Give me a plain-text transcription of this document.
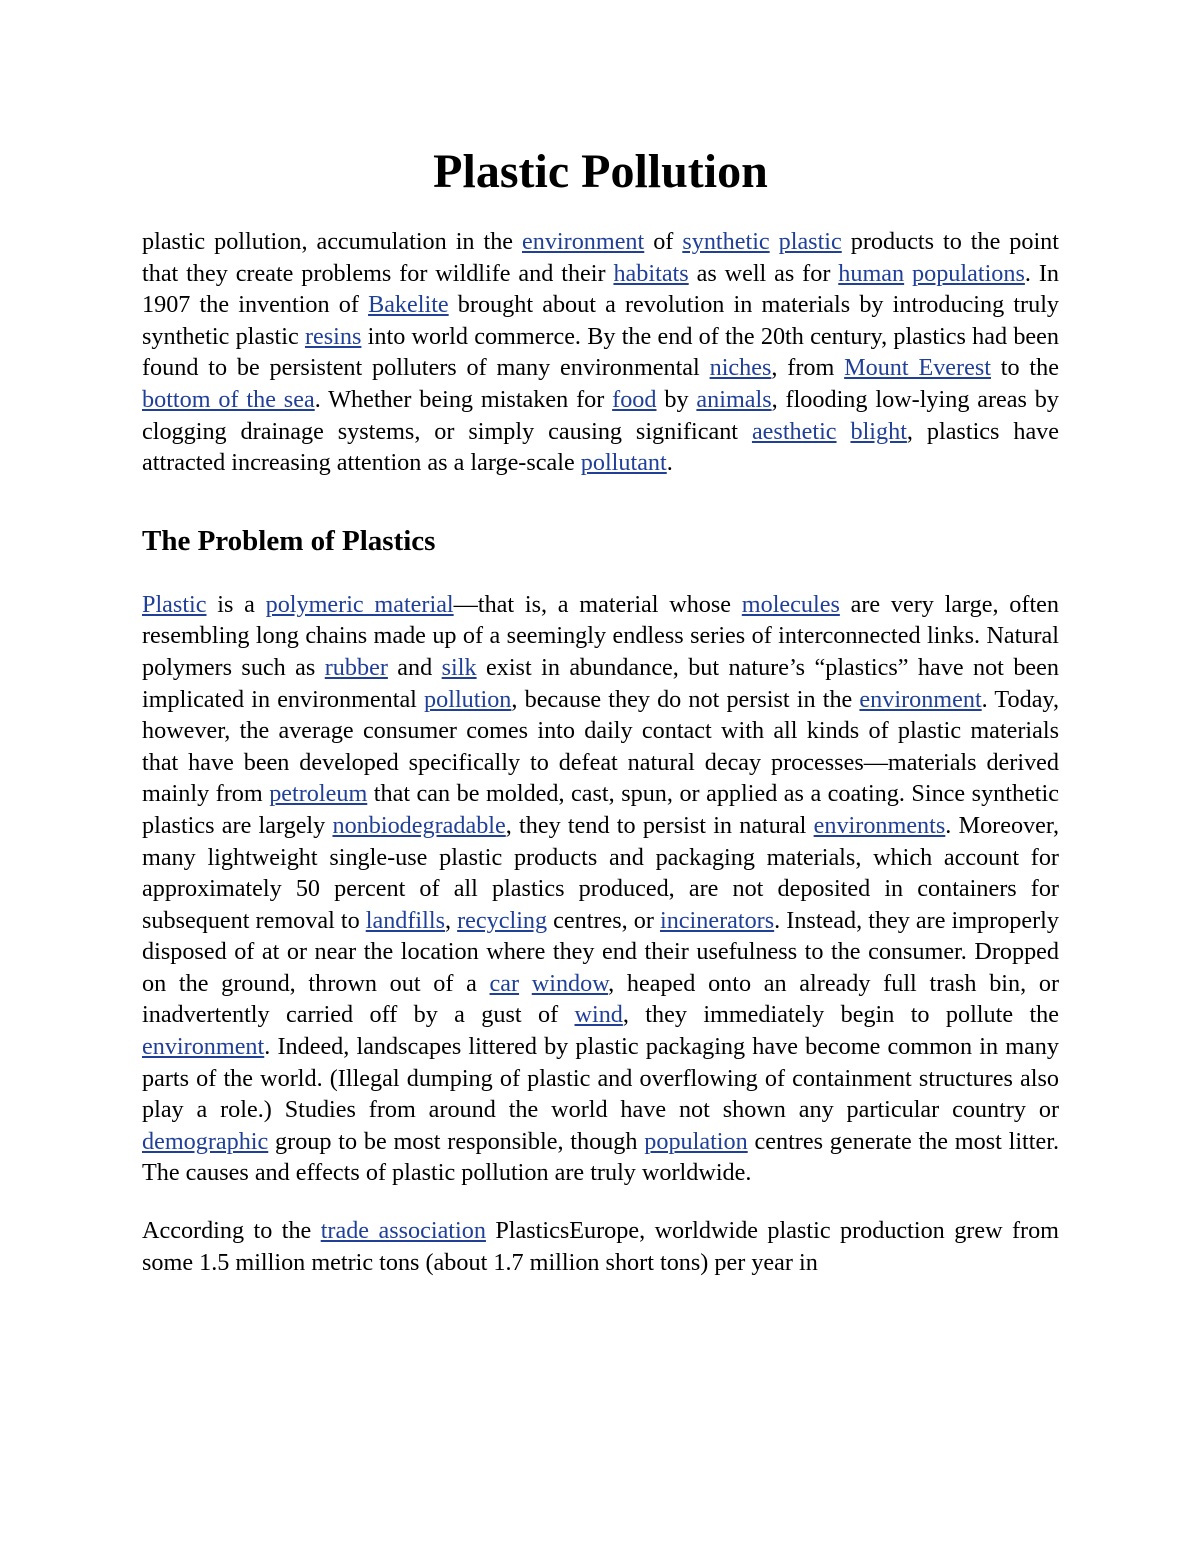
Plastic Pollution

plastic pollution, accumulation in the environment of synthetic plastic products to the point that they create problems for wildlife and their habitats as well as for human populations. In 1907 the invention of Bakelite brought about a revolution in materials by introducing truly synthetic plastic resins into world commerce. By the end of the 20th century, plastics had been found to be persistent polluters of many environmental niches, from Mount Everest to the bottom of the sea. Whether being mistaken for food by animals, flooding low-lying areas by clogging drainage systems, or simply causing significant aesthetic blight, plastics have attracted increasing attention as a large-scale pollutant.

The Problem of Plastics

Plastic is a polymeric material—that is, a material whose molecules are very large, often resembling long chains made up of a seemingly endless series of interconnected links. Natural polymers such as rubber and silk exist in abundance, but nature’s “plastics” have not been implicated in environmental pollution, because they do not persist in the environment. Today, however, the average consumer comes into daily contact with all kinds of plastic materials that have been developed specifically to defeat natural decay processes—materials derived mainly from petroleum that can be molded, cast, spun, or applied as a coating. Since synthetic plastics are largely nonbiodegradable, they tend to persist in natural environments. Moreover, many lightweight single-use plastic products and packaging materials, which account for approximately 50 percent of all plastics produced, are not deposited in containers for subsequent removal to landfills, recycling centres, or incinerators. Instead, they are improperly disposed of at or near the location where they end their usefulness to the consumer. Dropped on the ground, thrown out of a car window, heaped onto an already full trash bin, or inadvertently carried off by a gust of wind, they immediately begin to pollute the environment. Indeed, landscapes littered by plastic packaging have become common in many parts of the world. (Illegal dumping of plastic and overflowing of containment structures also play a role.) Studies from around the world have not shown any particular country or demographic group to be most responsible, though population centres generate the most litter. The causes and effects of plastic pollution are truly worldwide.

According to the trade association PlasticsEurope, worldwide plastic production grew from some 1.5 million metric tons (about 1.7 million short tons) per year in
